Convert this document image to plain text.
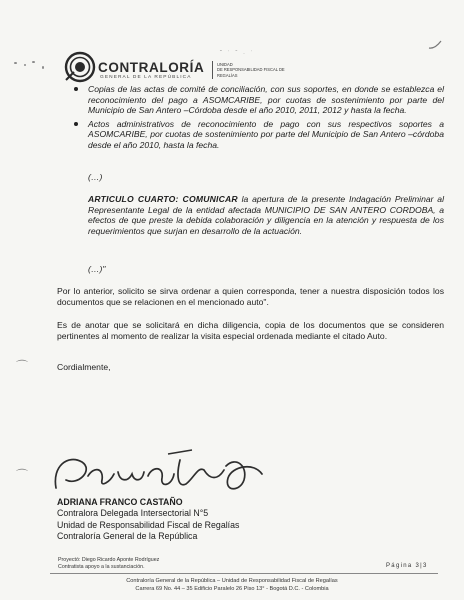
CONTRALORÍA
GENERAL DE LA REPÚBLICA
UNIDAD
DE RESPONSABILIDAD FISCAL DE
REGALÍAS
˘ ˙ ˇ · ˙
Copias de las actas de comité de conciliación, con sus soportes, en donde se establezca el reconocimiento del pago a ASOMCARIBE, por cuotas de sostenimiento por parte del Municipio de San Antero –Córdoba desde el año 2010, 2011, 2012 y hasta la fecha.
Actos administrativos de reconocimiento de pago con sus respectivos soportes a ASOMCARIBE, por cuotas de sostenimiento por parte del Municipio de San Antero –córdoba desde el año 2010, hasta la fecha.
(…)
ARTICULO CUARTO: COMUNICAR la apertura de la presente Indagación Preliminar al Representante Legal de la entidad afectada MUNICIPIO DE SAN ANTERO CORDOBA, a efectos de que preste la debida colaboración y diligencia en la atención y respuesta de los requerimientos que surjan en desarrollo de la actuación.
(…)"
Por lo anterior, solicito se sirva ordenar a quien corresponda, tener a nuestra disposición todos los documentos que se relacionen en el mencionado auto".
Es de anotar que se solicitará en dicha diligencia, copia de los documentos que se consideren pertinentes al momento de realizar la visita especial ordenada mediante el citado Auto.
Cordialmente,
⌒
⌒
ADRIANA FRANCO CASTAÑO
Contralora Delegada Intersectorial N°5
Unidad de Responsabilidad Fiscal de Regalías
Contraloría General de la República
Proyectó: Diego Ricardo Aponte Rodríguez
Contratista apoyo a la sustanciación.	Página 3|3
Contraloría General de la República – Unidad de Responsabilidad Fiscal de Regalías
Carrera 69 No. 44 – 35 Edificio Paralelo 26 Piso 13° - Bogotá D.C. - Colombia
